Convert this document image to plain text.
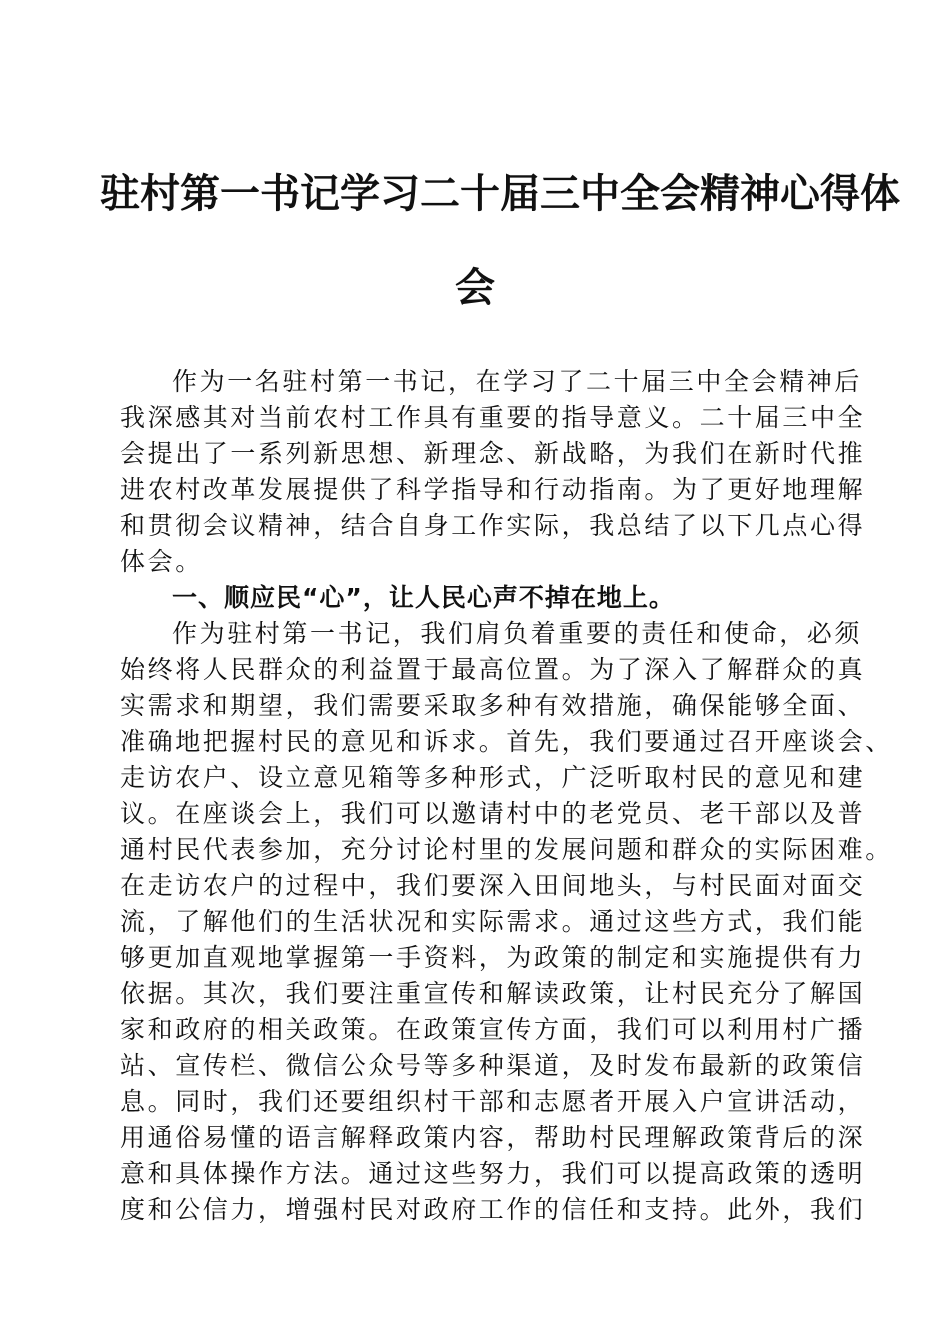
驻村第一书记学习二十届三中全会精神心得体
会
作为一名驻村第一书记，在学习了二十届三中全会精神后
我深感其对当前农村工作具有重要的指导意义。二十届三中全
会提出了一系列新思想、新理念、新战略，为我们在新时代推
进农村改革发展提供了科学指导和行动指南。为了更好地理解
和贯彻会议精神，结合自身工作实际，我总结了以下几点心得
体会。
一、顺应民“心”，让人民心声不掉在地上。
作为驻村第一书记，我们肩负着重要的责任和使命，必须
始终将人民群众的利益置于最高位置。为了深入了解群众的真
实需求和期望，我们需要采取多种有效措施，确保能够全面、
准确地把握村民的意见和诉求。首先，我们要通过召开座谈会、
走访农户、设立意见箱等多种形式，广泛听取村民的意见和建
议。在座谈会上，我们可以邀请村中的老党员、老干部以及普
通村民代表参加，充分讨论村里的发展问题和群众的实际困难。
在走访农户的过程中，我们要深入田间地头，与村民面对面交
流，了解他们的生活状况和实际需求。通过这些方式，我们能
够更加直观地掌握第一手资料，为政策的制定和实施提供有力
依据。其次，我们要注重宣传和解读政策，让村民充分了解国
家和政府的相关政策。在政策宣传方面，我们可以利用村广播
站、宣传栏、微信公众号等多种渠道，及时发布最新的政策信
息。同时，我们还要组织村干部和志愿者开展入户宣讲活动，
用通俗易懂的语言解释政策内容，帮助村民理解政策背后的深
意和具体操作方法。通过这些努力，我们可以提高政策的透明
度和公信力，增强村民对政府工作的信任和支持。此外，我们
